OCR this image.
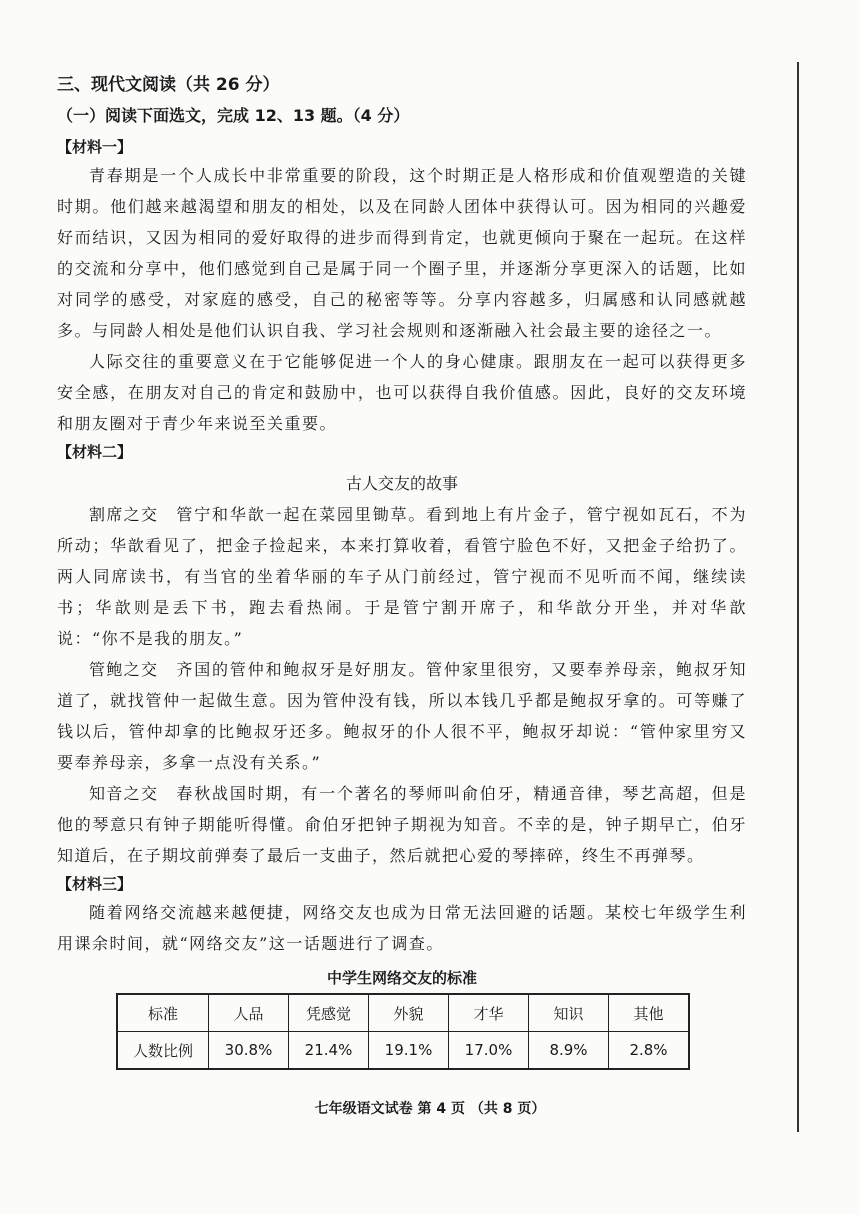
三、现代文阅读（共 26 分）
（一）阅读下面选文，完成 12、13 题。（4 分）
【材料一】

青春期是一个人成长中非常重要的阶段，这个时期正是人格形成和价值观塑造的关键时期。他们越来越渴望和朋友的相处，以及在同龄人团体中获得认可。因为相同的兴趣爱好而结识，又因为相同的爱好取得的进步而得到肯定，也就更倾向于聚在一起玩。在这样的交流和分享中，他们感觉到自己是属于同一个圈子里，并逐渐分享更深入的话题，比如对同学的感受，对家庭的感受，自己的秘密等等。分享内容越多，归属感和认同感就越多。与同龄人相处是他们认识自我、学习社会规则和逐渐融入社会最主要的途径之一。

人际交往的重要意义在于它能够促进一个人的身心健康。跟朋友在一起可以获得更多安全感，在朋友对自己的肯定和鼓励中，也可以获得自我价值感。因此，良好的交友环境和朋友圈对于青少年来说至关重要。

【材料二】
古人交友的故事

割席之交 管宁和华歆一起在菜园里锄草。看到地上有片金子，管宁视如瓦石，不为所动；华歆看见了，把金子捡起来，本来打算收着，看管宁脸色不好，又把金子给扔了。两人同席读书，有当官的坐着华丽的车子从门前经过，管宁视而不见听而不闻，继续读书；华歆则是丢下书，跑去看热闹。于是管宁割开席子，和华歆分开坐，并对华歆说：“你不是我的朋友。”

管鲍之交 齐国的管仲和鲍叔牙是好朋友。管仲家里很穷，又要奉养母亲，鲍叔牙知道了，就找管仲一起做生意。因为管仲没有钱，所以本钱几乎都是鲍叔牙拿的。可等赚了钱以后，管仲却拿的比鲍叔牙还多。鲍叔牙的仆人很不平，鲍叔牙却说：“管仲家里穷又要奉养母亲，多拿一点没有关系。”

知音之交 春秋战国时期，有一个著名的琴师叫俞伯牙，精通音律，琴艺高超，但是他的琴意只有钟子期能听得懂。俞伯牙把钟子期视为知音。不幸的是，钟子期早亡，伯牙知道后，在子期坟前弹奏了最后一支曲子，然后就把心爱的琴摔碎，终生不再弹琴。

【材料三】

随着网络交流越来越便捷，网络交友也成为日常无法回避的话题。某校七年级学生利用课余时间，就“网络交友”这一话题进行了调查。

中学生网络交友的标准
标准	人品	凭感觉	外貌	才华	知识	其他
人数比例	30.8%	21.4%	19.1%	17.0%	8.9%	2.8%
七年级语文试卷 第 4 页 （共 8 页）
